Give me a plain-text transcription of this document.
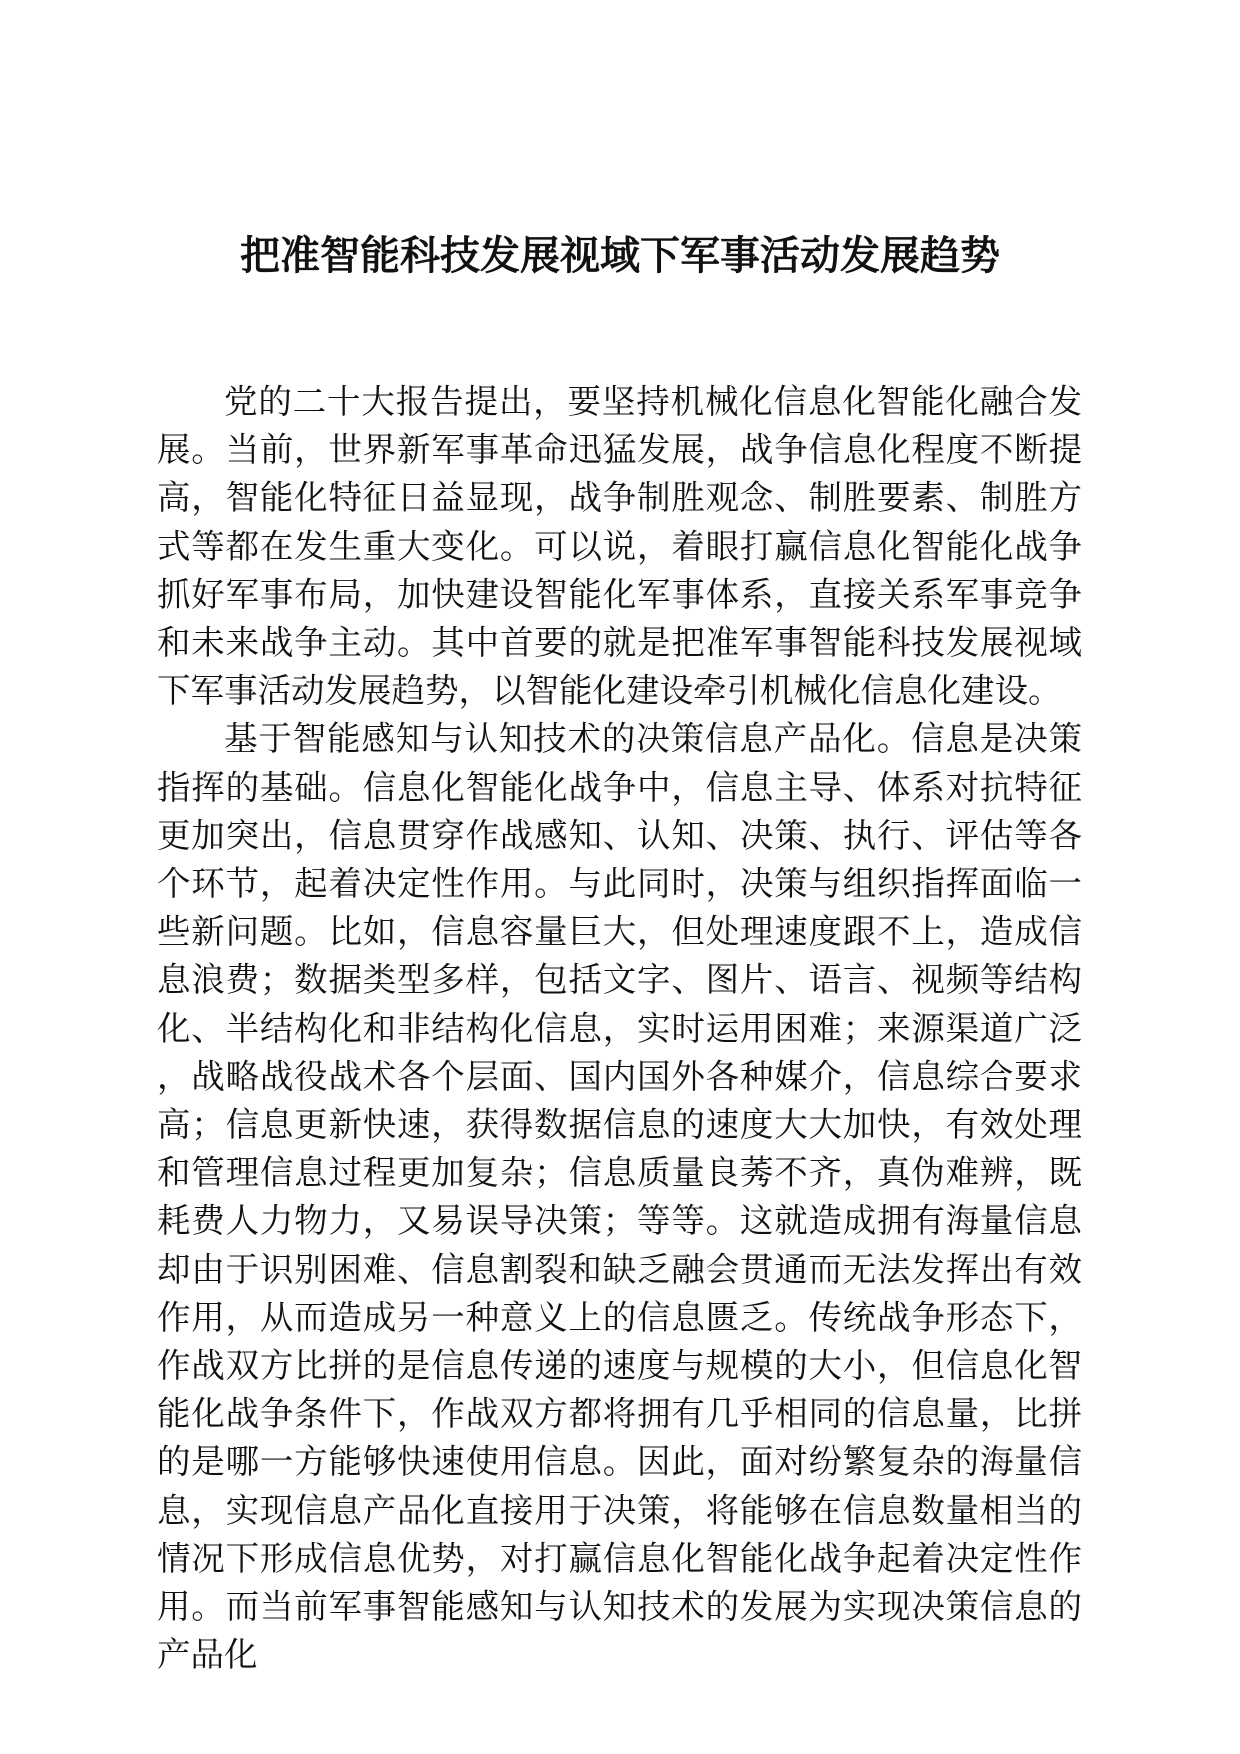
把准智能科技发展视域下军事活动发展趋势

党的二十大报告提出，要坚持机械化信息化智能化融合发展。当前，世界新军事革命迅猛发展，战争信息化程度不断提高，智能化特征日益显现，战争制胜观念、制胜要素、制胜方式等都在发生重大变化。可以说，着眼打赢信息化智能化战争抓好军事布局，加快建设智能化军事体系，直接关系军事竞争和未来战争主动。其中首要的就是把准军事智能科技发展视域下军事活动发展趋势，以智能化建设牵引机械化信息化建设。

基于智能感知与认知技术的决策信息产品化。信息是决策指挥的基础。信息化智能化战争中，信息主导、体系对抗特征更加突出，信息贯穿作战感知、认知、决策、执行、评估等各个环节，起着决定性作用。与此同时，决策与组织指挥面临一些新问题。比如，信息容量巨大，但处理速度跟不上，造成信息浪费；数据类型多样，包括文字、图片、语言、视频等结构化、半结构化和非结构化信息，实时运用困难；来源渠道广泛，战略战役战术各个层面、国内国外各种媒介，信息综合要求高；信息更新快速，获得数据信息的速度大大加快，有效处理和管理信息过程更加复杂；信息质量良莠不齐，真伪难辨，既耗费人力物力，又易误导决策；等等。这就造成拥有海量信息却由于识别困难、信息割裂和缺乏融会贯通而无法发挥出有效作用，从而造成另一种意义上的信息匮乏。传统战争形态下，作战双方比拼的是信息传递的速度与规模的大小，但信息化智能化战争条件下，作战双方都将拥有几乎相同的信息量，比拼的是哪一方能够快速使用信息。因此，面对纷繁复杂的海量信息，实现信息产品化直接用于决策，将能够在信息数量相当的情况下形成信息优势，对打赢信息化智能化战争起着决定性作用。而当前军事智能感知与认知技术的发展为实现决策信息的产品化
